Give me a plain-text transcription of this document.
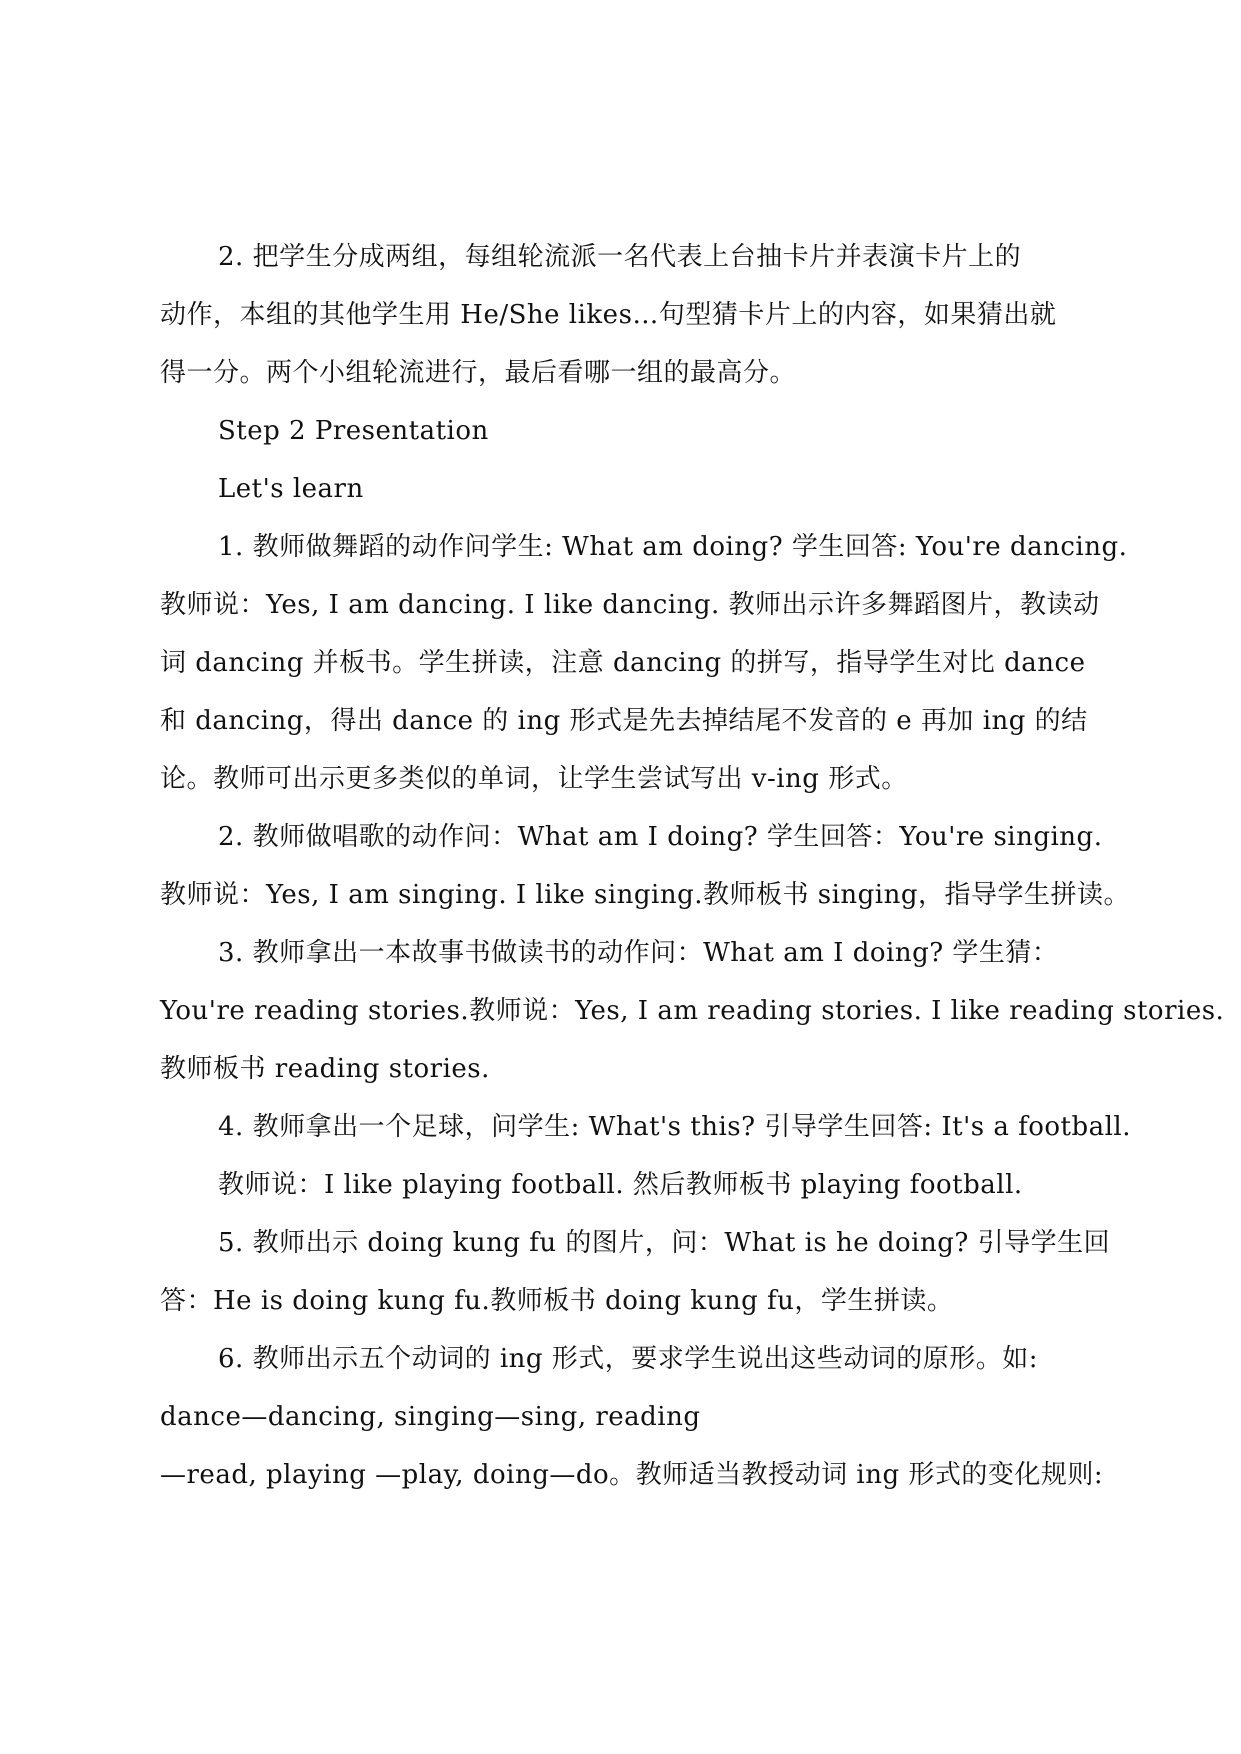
2. 把学生分成两组，每组轮流派一名代表上台抽卡片并表演卡片上的
动作，本组的其他学生用 He/She likes…句型猜卡片上的内容，如果猜出就
得一分。两个小组轮流进行，最后看哪一组的最高分。
Step 2 Presentation
Let's learn
1. 教师做舞蹈的动作问学生: What am doing? 学生回答: You're dancing.
教师说：Yes, I am dancing. I like dancing. 教师出示许多舞蹈图片，教读动
词 dancing 并板书。学生拼读，注意 dancing 的拼写，指导学生对比 dance
和 dancing，得出 dance 的 ing 形式是先去掉结尾不发音的 e 再加 ing 的结
论。教师可出示更多类似的单词，让学生尝试写出 v-ing 形式。
2. 教师做唱歌的动作问：What am I doing? 学生回答：You're singing.
教师说：Yes, I am singing. I like singing.教师板书 singing，指导学生拼读。
3. 教师拿出一本故事书做读书的动作问：What am I doing? 学生猜：
You're reading stories.教师说：Yes, I am reading stories. I like reading stories.
教师板书 reading stories.
4. 教师拿出一个足球，问学生: What's this? 引导学生回答: It's a football.
教师说：I like playing football. 然后教师板书 playing football.
5. 教师出示 doing kung fu 的图片，问：What is he doing? 引导学生回
答：He is doing kung fu.教师板书 doing kung fu，学生拼读。
6. 教师出示五个动词的 ing 形式，要求学生说出这些动词的原形。如:
dance—dancing, singing—sing, reading
—read, playing —play, doing—do。教师适当教授动词 ing 形式的变化规则:
